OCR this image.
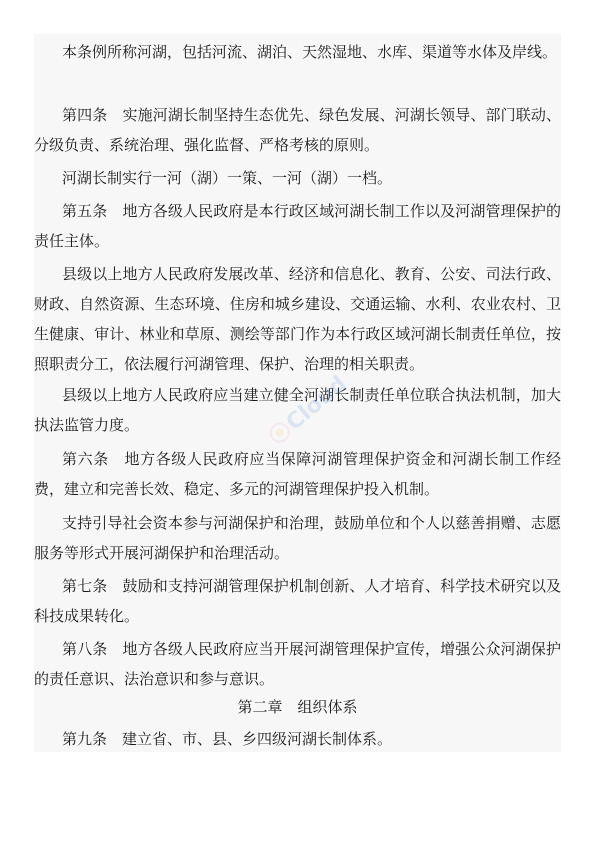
本条例所称河湖，包括河流、湖泊、天然湿地、水库、渠道等水体及岸线。

第四条　实施河湖长制坚持生态优先、绿色发展、河湖长领导、部门联动、分级负责、系统治理、强化监督、严格考核的原则。

河湖长制实行一河（湖）一策、一河（湖）一档。

第五条　地方各级人民政府是本行政区域河湖长制工作以及河湖管理保护的责任主体。

县级以上地方人民政府发展改革、经济和信息化、教育、公安、司法行政、财政、自然资源、生态环境、住房和城乡建设、交通运输、水利、农业农村、卫生健康、审计、林业和草原、测绘等部门作为本行政区域河湖长制责任单位，按照职责分工，依法履行河湖管理、保护、治理的相关职责。

县级以上地方人民政府应当建立健全河湖长制责任单位联合执法机制，加大执法监管力度。

第六条　地方各级人民政府应当保障河湖管理保护资金和河湖长制工作经费，建立和完善长效、稳定、多元的河湖管理保护投入机制。

支持引导社会资本参与河湖保护和治理，鼓励单位和个人以慈善捐赠、志愿服务等形式开展河湖保护和治理活动。

第七条　鼓励和支持河湖管理保护机制创新、人才培育、科学技术研究以及科技成果转化。

第八条　地方各级人民政府应当开展河湖管理保护宣传，增强公众河湖保护的责任意识、法治意识和参与意识。

第二章　组织体系

第九条　建立省、市、县、乡四级河湖长制体系。
